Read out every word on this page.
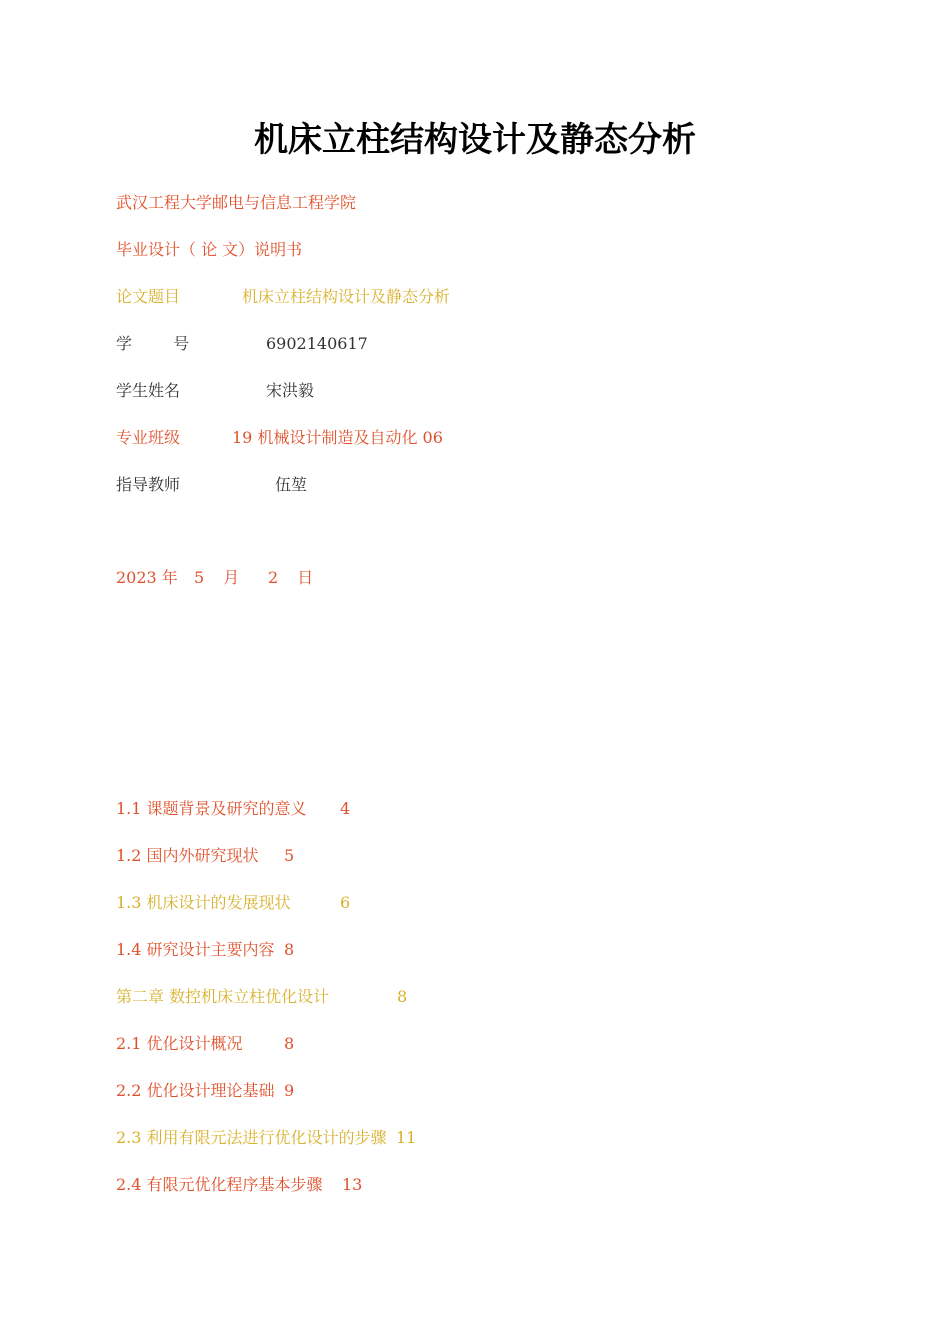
机床立柱结构设计及静态分析
武汉工程大学邮电与信息工程学院
毕业设计（ 论 文）说明书
论文题目	机床立柱结构设计及静态分析
学 号	6902140617
学生姓名	宋洪毅
专业班级	19 机械设计制造及自动化 06
指导教师	伍堃
2023 年 5 月 2 日
1.1 课题背景及研究的意义 4
1.2 国内外研究现状 5
1.3 机床设计的发展现状	6
1.4 研究设计主要内容 8
第二章 数控机床立柱优化设计	8
2.1 优化设计概况	8
2.2 优化设计理论基础 9
2.3 利用有限元法进行优化设计的步骤 11
2.4 有限元优化程序基本步骤 13
